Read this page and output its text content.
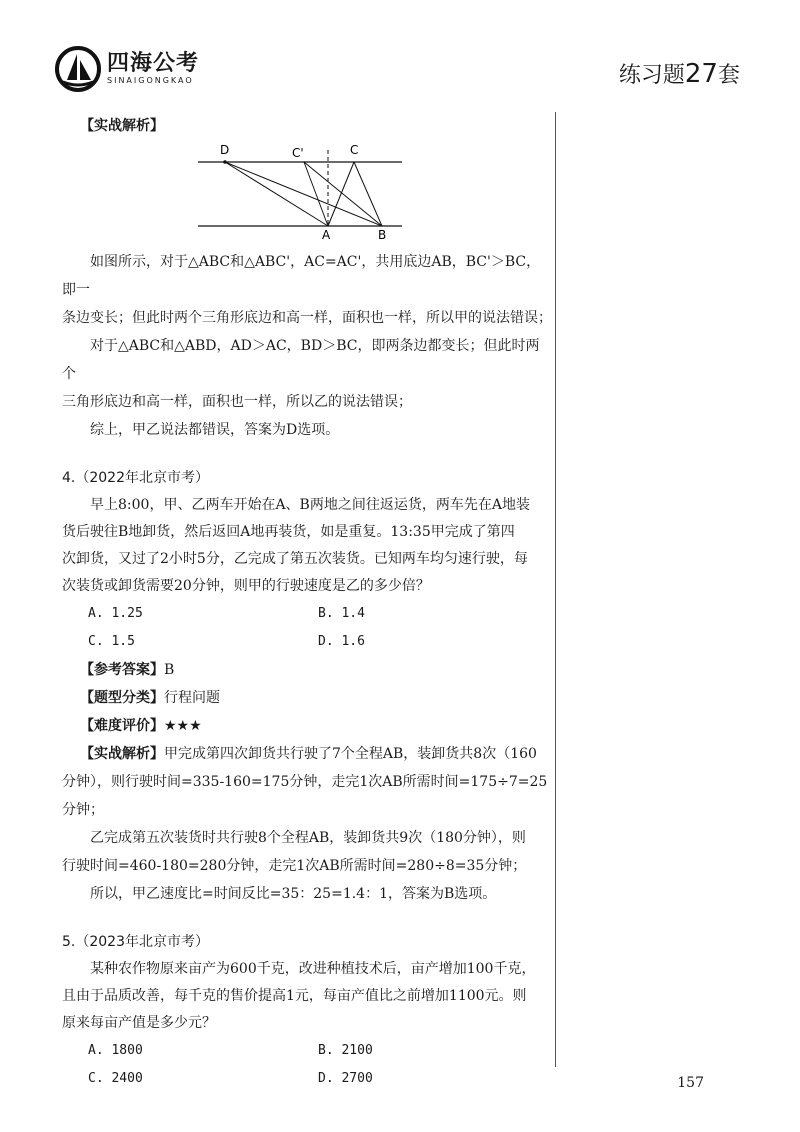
四海公考
SINAIGONGKAO	练习题27套

【实战解析】

D	C'	C
A	B

如图所示，对于△ABC和△ABC'，AC=AC'，共用底边AB，BC'＞BC，即一

条边变长；但此时两个三角形底边和高一样，面积也一样，所以甲的说法错误；

对于△ABC和△ABD，AD＞AC，BD＞BC，即两条边都变长；但此时两个

三角形底边和高一样，面积也一样，所以乙的说法错误；

综上，甲乙说法都错误，答案为D选项。

4.（2022年北京市考）

早上8:00，甲、乙两车开始在A、B两地之间往返运货，两车先在A地装

货后驶往B地卸货，然后返回A地再装货，如是重复。13:35甲完成了第四

次卸货，又过了2小时5分，乙完成了第五次装货。已知两车均匀速行驶，每

次装货或卸货需要20分钟，则甲的行驶速度是乙的多少倍？

A. 1.25	B. 1.4
C. 1.5	D. 1.6

【参考答案】B

【题型分类】行程问题

【难度评价】★★★

【实战解析】甲完成第四次卸货共行驶了7个全程AB，装卸货共8次（160

分钟），则行驶时间=335-160=175分钟，走完1次AB所需时间=175÷7=25分钟；

乙完成第五次装货时共行驶8个全程AB，装卸货共9次（180分钟），则

行驶时间=460-180=280分钟，走完1次AB所需时间=280÷8=35分钟；

所以，甲乙速度比=时间反比=35：25=1.4：1，答案为B选项。

5.（2023年北京市考）

某种农作物原来亩产为600千克，改进种植技术后，亩产增加100千克，

且由于品质改善，每千克的售价提高1元，每亩产值比之前增加1100元。则

原来每亩产值是多少元？

A. 1800	B. 2100
C. 2400	D. 2700	157
